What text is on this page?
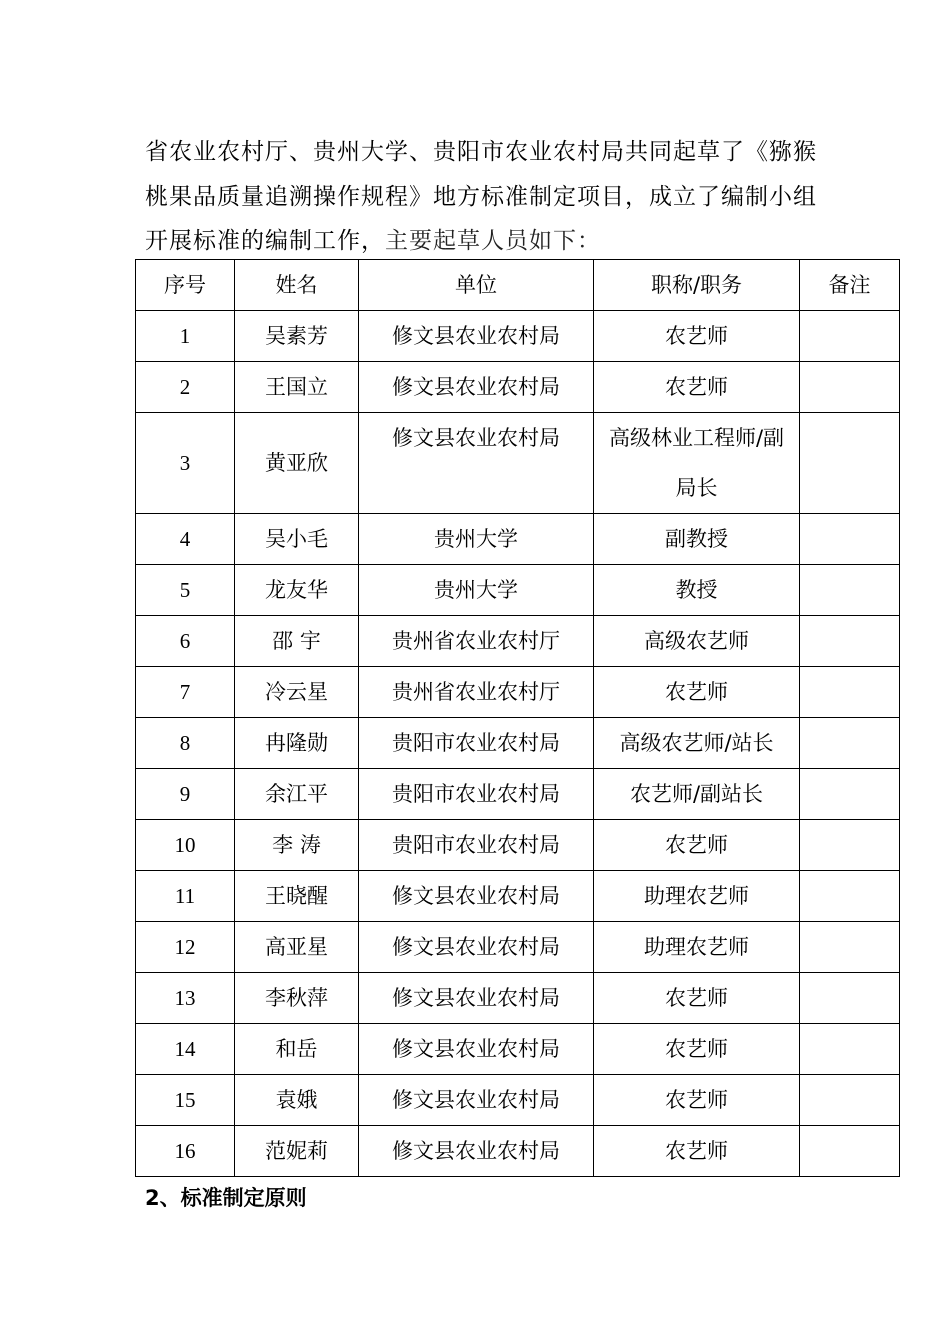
省农业农村厅、贵州大学、贵阳市农业农村局共同起草了《猕猴
桃果品质量追溯操作规程》地方标准制定项目，成立了编制小组
开展标准的编制工作，主要起草人员如下：
序号	姓名	单位	职称/职务	备注
1	吴素芳	修文县农业农村局	农艺师	
2	王国立	修文县农业农村局	农艺师	
3	黄亚欣	修文县农业农村局	高级林业工程师/副
局长	

4	吴小毛	贵州大学	副教授	
5	龙友华	贵州大学	教授	
6	邵 宇	贵州省农业农村厅	高级农艺师	
7	冷云星	贵州省农业农村厅	农艺师	
8	冉隆勋	贵阳市农业农村局	高级农艺师/站长	
9	余江平	贵阳市农业农村局	农艺师/副站长	
10	李 涛	贵阳市农业农村局	农艺师	
11	王晓醒	修文县农业农村局	助理农艺师	
12	高亚星	修文县农业农村局	助理农艺师	
13	李秋萍	修文县农业农村局	农艺师	
14	和岳	修文县农业农村局	农艺师	
15	袁娥	修文县农业农村局	农艺师	
16	范妮莉	修文县农业农村局	农艺师	
2、标准制定原则
